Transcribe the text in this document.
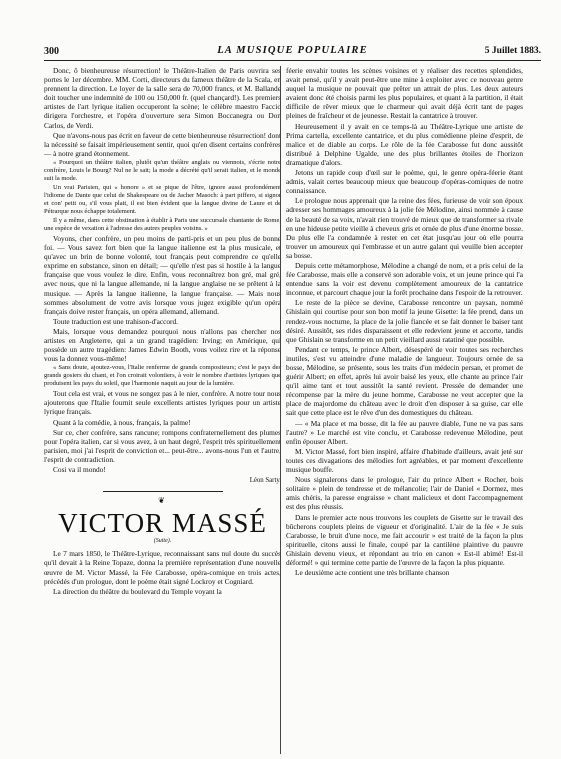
300	LA MUSIQUE POPULAIRE	5 Juillet 1883.

Donc, ô bienheureuse résurrection! le Théâtre-Italien de Paris ouvrira ses portes le 1er décembre. MM. Corti, directeurs du fameux théâtre de la Scala, en prennent la direction. Le loyer de la salle sera de 70,000 francs, et M. Ballande doit toucher une indemnité de 100 ou 150,000 fr. (quel chançard!). Les premiers artistes de l'art lyrique italien occuperont la scène; le célèbre maestro Faccio dirigera l'orchestre, et l'opéra d'ouverture sera Simon Boccanegra ou Don Carlos, de Verdi.

Que n'avons-nous pas écrit en faveur de cette bienheureuse résurrection! dont la nécessité se faisait impérieusement sentir, quoi qu'en disent certains confrères — à notre grand étonnement.

« Pourquoi un théâtre italien, plutôt qu'un théâtre anglais ou viennois, s'écrie notre confrère, Louis le Bourg? Nul ne le sait; la mode a décrété qu'il serait italien, et le monde suit la mode.

Un vrai Parisien, qui « honore » et se pique de l'être, ignore aussi profondément l'idiome de Dante que celui de Shakespeare ou de Jacher Masoch: à part piffero, si signor et con' petit ou, s'il vous plait, il est bien évident que la langue divine de Laure et de Pétrarque nous échappe totalement.

Il y a même, dans cette obstination à établir à Paris une succursale chantante de Rome, une espèce de vexation à l'adresse des autres peuples voisins. »

Voyons, cher confrère, un peu moins de parti-pris et un peu plus de bonne foi. — Vous savez fort bien que la langue italienne est la plus musicale, et qu'avec un brin de bonne volonté, tout français peut comprendre ce qu'elle exprime en substance, sinon en détail; — qu'elle n'est pas si hostile à la langue française que vous voulez le dire. Enfin, vous reconnaîtrez bon gré, mal gré, avec nous, que ni la langue allemande, ni la langue anglaise ne se prêtent à la musique. — Après la langue italienne, la langue française. — Mais nous sommes absolument de votre avis lorsque vous jugez exigible qu'un opéra français doive rester français, un opéra allemand, allemand.

Toute traduction est une trahison-d'accord.

Mais, lorsque vous demandez pourquoi nous n'allons pas chercher nos artistes en Angleterre, qui a un grand tragédien: Irving; en Amérique, qui possède un autre tragédien: James Edwin Booth, vous voilez rire et la réponse vous la donnez vous-même!

« Sans doute, ajoutez-vous, l'Italie renferme de grands compositeurs; c'est le pays des grands gosiers du chant, et l'on croirait volontiers, à voir le nombre d'artistes lyriques que produisent les pays du soleil, que l'harmonie naquit au jour de la lumière.

Tout cela est vrai, et vous ne songez pas à le nier, confrère. A notre tour nous ajouterons que l'Italie fournit seule excellents artistes lyriques pour un artiste lyrique français.

Quant à la comédie, à nous, français, la palme!

Sur ce, cher confrère, sans rancune; rompons confraternellement des plumes pour l'opéra italien, car si vous avez, à un haut degré, l'esprit très spirituellement parisien, moi j'ai l'esprit de conviction et... peut-être... avons-nous l'un et l'autre, l'esprit de contradiction.

Cosi va il mondo!

Léon Sarty.

❦
VICTOR MASSÉ
(Suite).

Le 7 mars 1850, le Théâtre-Lyrique, reconnaissant sans nul doute du succès qu'il devait à la Reine Topaze, donna la première représentation d'une nouvelle œuvre de M. Victor Massé, la Fée Carabosse, opéra-comique en trois actes, précédés d'un prologue, dont le poème était signé Lockroy et Cogniard.

La direction du théâtre du boulevard du Temple voyant la

féerie envahir toutes les scènes voisines et y réaliser des recettes splendides, avait pensé, qu'il y avait peut-être une mine à exploiter avec ce nouveau genre auquel la musique ne pouvait que prêter un attrait de plus. Les deux auteurs avaient donc été choisis parmi les plus populaires, et quant à la partition, il était difficile de rêver mieux que le charmeur qui avait déjà écrit tant de pages pleines de fraîcheur et de jeunesse. Restait la cantatrice à trouver.

Heureusement il y avait en ce temps-là au Théâtre-Lyrique une artiste de Prima cartella, excellente cantatrice, et du plus comédienne pleine d'esprit, de malice et de diable au corps. Le rôle de la fée Carabosse fut donc aussitôt distribué à Delphine Ugalde, une des plus brillantes étoiles de l'horizon dramatique d'alors.

Jetons un rapide coup d'œil sur le poème, qui, le genre opéra-féerie étant admis, valait certes beaucoup mieux que beaucoup d'opéras-comiques de notre connaissance.

Le prologue nous apprenait que la reine des fées, furieuse de voir son époux adresser ses hommages amoureux à la jolie fée Mélodine, ainsi nommée à cause de la beauté de sa voix, n'avait rien trouvé de mieux que de transformer sa rivale en une hideuse petite vieille à cheveux gris et ornée de plus d'une énorme bosse. Du plus elle l'a condamnée à rester en cet état jusqu'au jour où elle pourra trouver un amoureux qui l'embrasse et un autre galant qui veuille bien accepter sa bosse.

Depuis cette métamorphose, Mélodine a changé de nom, et a pris celui de la fée Carabosse, mais elle a conservé son adorable voix, et un jeune prince qui l'a entendue sans la voir est devenu complètement amoureux de la cantatrice inconnue, et parcourt chaque jour la forêt prochaine dans l'espoir de la retrouver.

Le reste de la pièce se devine, Carabosse rencontre un paysan, nommé Ghislain qui courtise pour son bon motif la jeune Gisette: la fée prend, dans un rendez-vous nocturne, la place de la jolie fiancée et se fait donner le baiser tant désiré. Aussitôt, ses rides disparaissent et elle redevient jeune et accorte, tandis que Ghislain se transforme en un petit vieillard aussi ratatiné que possible.

Pendant ce temps, le prince Albert, désespéré de voir toutes ses recherches inutiles, s'est vu atteindre d'une maladie de langueur. Toujours ornée de sa bosse, Mélodine, se présente, sous les traits d'un médecin persan, et promet de guérir Albert; en effet, après lui avoir baisé les yeux, elle chante au prince l'air qu'il aime tant et tout aussitôt la santé revient. Pressée de demander une récompense par la mère du jeune homme, Carabosse ne veut accepter que la place de majordome du château avec le droit d'en disposer à sa guise, car elle sait que cette place est le rêve d'un des domestiques du château.

— « Ma place et ma bosse, dit la fée au pauvre diable, l'une ne va pas sans l'autre? » Le marché est vite conclu, et Carabosse redevenue Mélodine, peut enfin épouser Albert.

M. Victor Massé, fort bien inspiré, affaire d'habitude d'ailleurs, avait jeté sur toutes ces divagations des mélodies fort agréables, et par moment d'excellente musique bouffe.

Nous signalerons dans le prologue, l'air du prince Albert « Rocher, bois solitaire » plein de tendresse et de mélancolie; l'air de Daniel « Dormez, mes amis chéris, la paresse engraisse » chant malicieux et dont l'accompagnement est des plus réussis.

Dans le premier acte nous trouvons les couplets de Gisette sur le travail des bûcherons couplets pleins de vigueur et d'originalité. L'air de la fée « Je suis Carabosse, le bruit d'une noce, me fait accourir » est traité de la façon la plus spirituelle, citons aussi le finale, coupé par la cantilène plaintive du pauvre Ghislain devenu vieux, et répondant au trio en canon « Est-il abimé! Est-il déformé! » qui termine cette partie de l'œuvre de la façon la plus piquante.

Le deuxième acte contient une très brillante chanson
